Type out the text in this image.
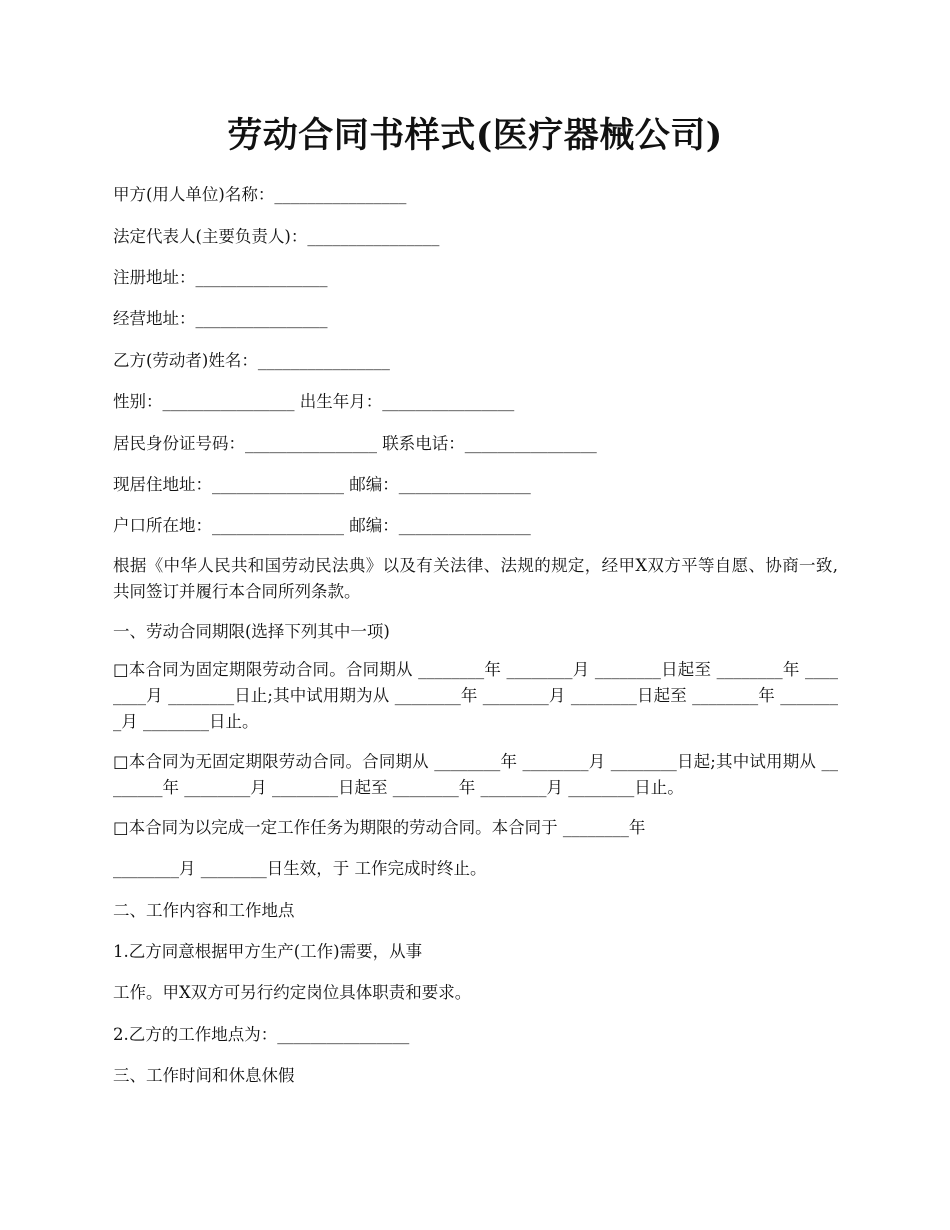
劳动合同书样式(医疗器械公司)
甲方(用人单位)名称：________________
法定代表人(主要负责人)：________________
注册地址：________________
经营地址：________________
乙方(劳动者)姓名：________________
性别：________________ 出生年月：________________
居民身份证号码：________________ 联系电话：________________
现居住地址：________________ 邮编：________________
户口所在地：________________ 邮编：________________
根据《中华人民共和国劳动民法典》以及有关法律、法规的规定，经甲X双方平等自愿、协商一致,共同签订并履行本合同所列条款。
一、劳动合同期限(选择下列其中一项)
□本合同为固定期限劳动合同。合同期从 ________年 ________月 ________日起至 ________年 ________月 ________日止;其中试用期为从 ________年 ________月 ________日起至 ________年 ________月 ________日止。
□本合同为无固定期限劳动合同。合同期从 ________年 ________月 ________日起;其中试用期从 ________年 ________月 ________日起至 ________年 ________月 ________日止。
□本合同为以完成一定工作任务为期限的劳动合同。本合同于 ________年
________月 ________日生效，于 工作完成时终止。
二、工作内容和工作地点
1.乙方同意根据甲方生产(工作)需要，从事
工作。甲X双方可另行约定岗位具体职责和要求。
2.乙方的工作地点为：________________
三、工作时间和休息休假
